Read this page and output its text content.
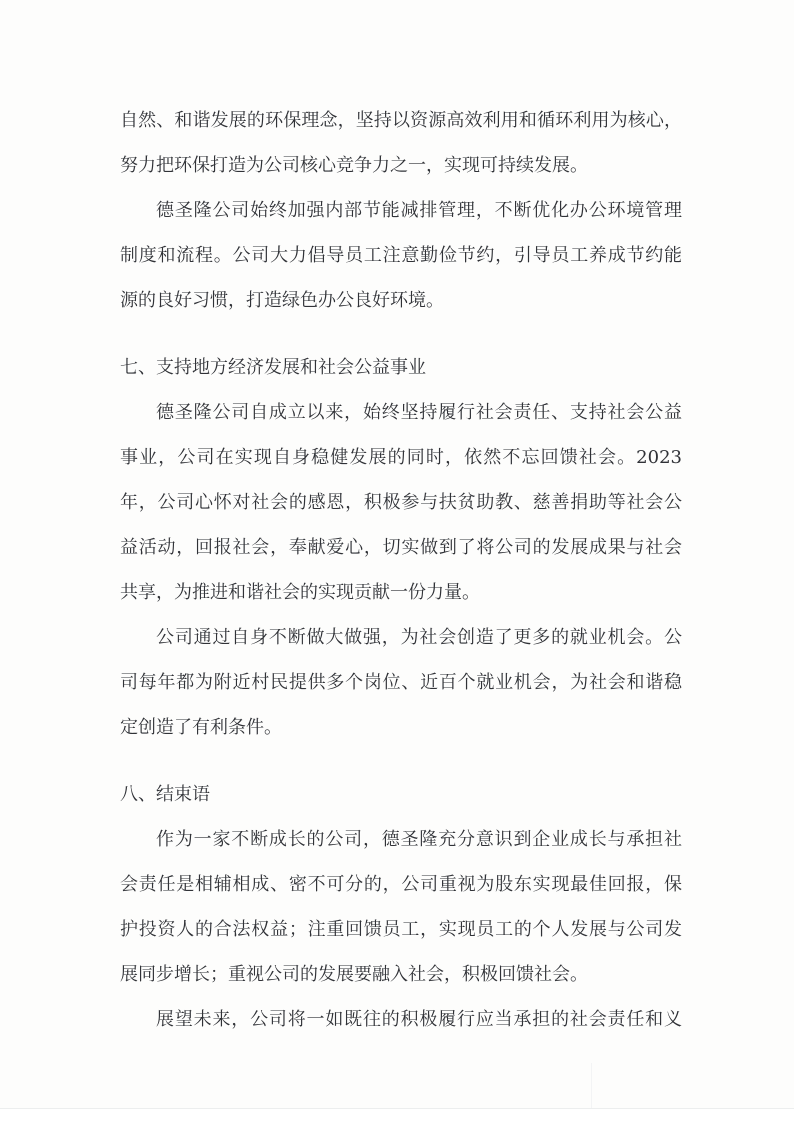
自然、和谐发展的环保理念，坚持以资源高效利用和循环利用为核心，
努力把环保打造为公司核心竞争力之一，实现可持续发展。
德圣隆公司始终加强内部节能减排管理，不断优化办公环境管理
制度和流程。公司大力倡导员工注意勤俭节约，引导员工养成节约能
源的良好习惯，打造绿色办公良好环境。
七、支持地方经济发展和社会公益事业
德圣隆公司自成立以来，始终坚持履行社会责任、支持社会公益
事业，公司在实现自身稳健发展的同时，依然不忘回馈社会。2023
年，公司心怀对社会的感恩，积极参与扶贫助教、慈善捐助等社会公
益活动，回报社会，奉献爱心，切实做到了将公司的发展成果与社会
共享，为推进和谐社会的实现贡献一份力量。
公司通过自身不断做大做强，为社会创造了更多的就业机会。公
司每年都为附近村民提供多个岗位、近百个就业机会，为社会和谐稳
定创造了有利条件。
八、结束语
作为一家不断成长的公司，德圣隆充分意识到企业成长与承担社
会责任是相辅相成、密不可分的，公司重视为股东实现最佳回报，保
护投资人的合法权益；注重回馈员工，实现员工的个人发展与公司发
展同步增长；重视公司的发展要融入社会，积极回馈社会。
展望未来，公司将一如既往的积极履行应当承担的社会责任和义
